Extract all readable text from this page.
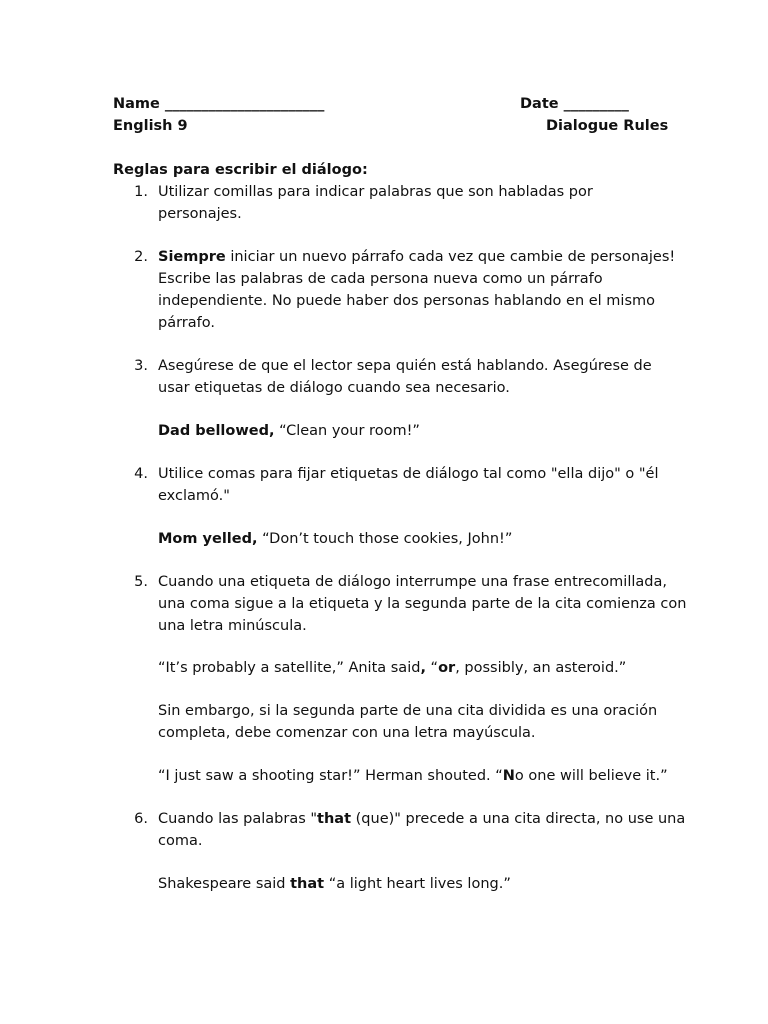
Name ______________________	Date _________
English 9	Dialogue Rules
Reglas para escribir el diálogo:
1. Utilizar comillas para indicar palabras que son habladas por
personajes.
2. Siempre iniciar un nuevo párrafo cada vez que cambie de personajes!
Escribe las palabras de cada persona nueva como un párrafo
independiente. No puede haber dos personas hablando en el mismo
párrafo.
3. Asegúrese de que el lector sepa quién está hablando. Asegúrese de
usar etiquetas de diálogo cuando sea necesario.
Dad bellowed, “Clean your room!”
4. Utilice comas para fijar etiquetas de diálogo tal como "ella dijo" o "él
exclamó."
Mom yelled, “Don’t touch those cookies, John!”
5. Cuando una etiqueta de diálogo interrumpe una frase entrecomillada,
una coma sigue a la etiqueta y la segunda parte de la cita comienza con
una letra minúscula.
“It’s probably a satellite,” Anita said, “or, possibly, an asteroid.”
Sin embargo, si la segunda parte de una cita dividida es una oración
completa, debe comenzar con una letra mayúscula.
“I just saw a shooting star!” Herman shouted. “No one will believe it.”
6. Cuando las palabras "that (que)" precede a una cita directa, no use una
coma.
Shakespeare said that “a light heart lives long.”
